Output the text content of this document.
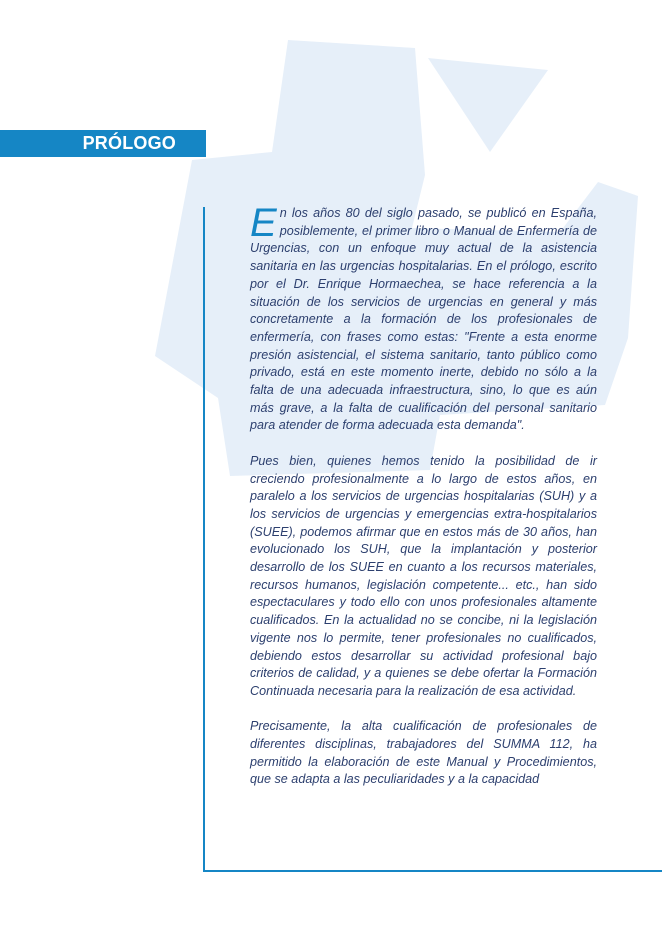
PRÓLOGO

En los años 80 del siglo pasado, se publicó en España, posiblemente, el primer libro o Manual de Enfermería de Urgencias, con un enfoque muy actual de la asistencia sanitaria en las urgencias hospitalarias. En el prólogo, escrito por el Dr. Enrique Hormaechea, se hace referencia a la situación de los servicios de urgencias en general y más concretamente a la formación de los profesionales de enfermería, con frases como estas: "Frente a esta enorme presión asistencial, el sistema sanitario, tanto público como privado, está en este momento inerte, debido no sólo a la falta de una adecuada infraestructura, sino, lo que es aún más grave, a la falta de cualificación del personal sanitario para atender de forma adecuada esta demanda".

Pues bien, quienes hemos tenido la posibilidad de ir creciendo profesionalmente a lo largo de estos años, en paralelo a los servicios de urgencias hospitalarias (SUH) y a los servicios de urgencias y emergencias extra-hospitalarios (SUEE), podemos afirmar que en estos más de 30 años, han evolucionado los SUH, que la implantación y posterior desarrollo de los SUEE en cuanto a los recursos materiales, recursos humanos, legislación competente... etc., han sido espectaculares y todo ello con unos profesionales altamente cualificados. En la actualidad no se concibe, ni la legislación vigente nos lo permite, tener profesionales no cualificados, debiendo estos desarrollar su actividad profesional bajo criterios de calidad, y a quienes se debe ofertar la Formación Continuada necesaria para la realización de esa actividad.

Precisamente, la alta cualificación de profesionales de diferentes disciplinas, trabajadores del SUMMA 112, ha permitido la elaboración de este Manual y Procedimientos, que se adapta a las peculiaridades y a la capacidad
